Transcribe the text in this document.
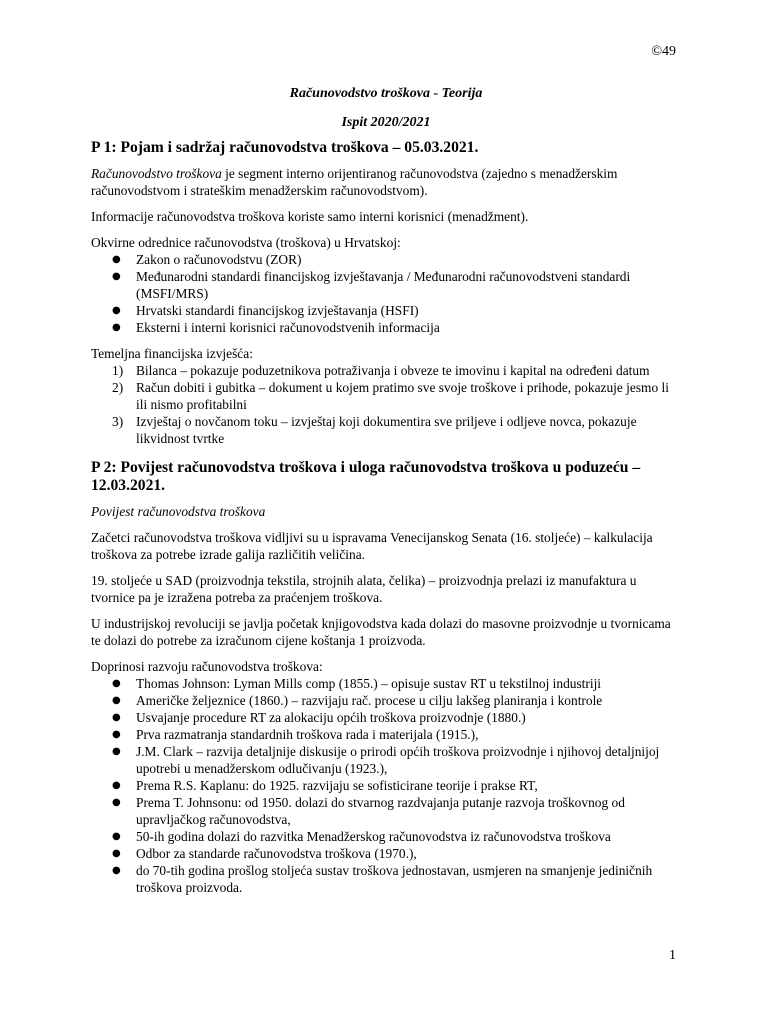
©49
Računovodstvo troškova - Teorija
Ispit 2020/2021
P 1: Pojam i sadržaj računovodstva troškova – 05.03.2021.

Računovodstvo troškova je segment interno orijentiranog računovodstva (zajedno s menadžerskim računovodstvom i strateškim menadžerskim računovodstvom).

Informacije računovodstva troškova koriste samo interni korisnici (menadžment).

Okvirne odrednice računovodstva (troškova) u Hrvatskoj:

●	Zakon o računovodstvu (ZOR)
●	Međunarodni standardi financijskog izvještavanja / Međunarodni računovodstveni standardi (MSFI/MRS)
●	Hrvatski standardi financijskog izvještavanja (HSFI)
●	Eksterni i interni korisnici računovodstvenih informacija

Temeljna financijska izvješća:

1) Bilanca – pokazuje poduzetnikova potraživanja i obveze te imovinu i kapital na određeni datum
2) Račun dobiti i gubitka – dokument u kojem pratimo sve svoje troškove i prihode, pokazuje jesmo li ili nismo profitabilni
3) Izvještaj o novčanom toku – izvještaj koji dokumentira sve priljeve i odljeve novca, pokazuje likvidnost tvrtke
P 2: Povijest računovodstva troškova i uloga računovodstva troškova u poduzeću – 12.03.2021.

Povijest računovodstva troškova

Začetci računovodstva troškova vidljivi su u ispravama Venecijanskog Senata (16. stoljeće) – kalkulacija troškova za potrebe izrade galija različitih veličina.

19. stoljeće u SAD (proizvodnja tekstila, strojnih alata, čelika) – proizvodnja prelazi iz manufaktura u tvornice pa je izražena potreba za praćenjem troškova.

U industrijskoj revoluciji se javlja početak knjigovodstva kada dolazi do masovne proizvodnje u tvornicama te dolazi do potrebe za izračunom cijene koštanja 1 proizvoda.

Doprinosi razvoju računovodstva troškova:

●	Thomas Johnson: Lyman Mills comp (1855.) – opisuje sustav RT u tekstilnoj industriji
●	Američke željeznice (1860.) – razvijaju rač. procese u cilju lakšeg planiranja i kontrole
●	Usvajanje procedure RT za alokaciju općih troškova proizvodnje (1880.)
●	Prva razmatranja standardnih troškova rada i materijala (1915.),
●	J.M. Clark – razvija detaljnije diskusije o prirodi općih troškova proizvodnje i njihovoj detaljnijoj upotrebi u menadžerskom odlučivanju (1923.),
●	Prema R.S. Kaplanu: do 1925. razvijaju se sofisticirane teorije i prakse RT,
●	Prema T. Johnsonu: od 1950. dolazi do stvarnog razdvajanja putanje razvoja troškovnog od upravljačkog računovodstva,
●	50-ih godina dolazi do razvitka Menadžerskog računovodstva iz računovodstva troškova
●	Odbor za standarde računovodstva troškova (1970.),
●	do 70-tih godina prošlog stoljeća sustav troškova jednostavan, usmjeren na smanjenje jediničnih troškova proizvoda.
1
